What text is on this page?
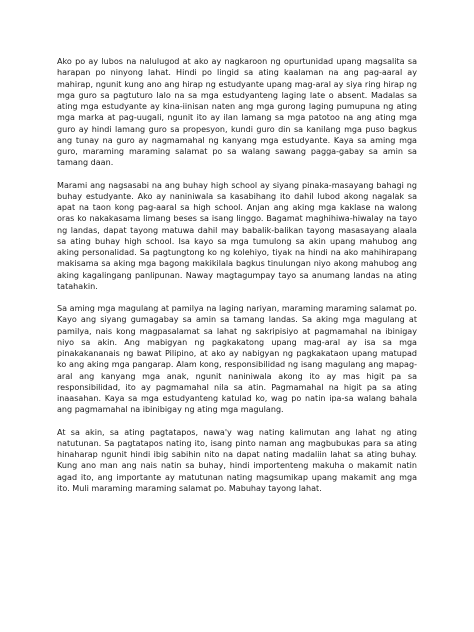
Ako po ay lubos na nalulugod at ako ay nagkaroon ng opurtunidad upang magsalita sa harapan po ninyong lahat. Hindi po lingid sa ating kaalaman na ang pag-aaral ay mahirap, ngunit kung ano ang hirap ng estudyante upang mag-aral ay siya ring hirap ng mga guro sa pagtuturo lalo na sa mga estudyanteng laging late o absent. Madalas sa ating mga estudyante ay kina-iinisan naten ang mga gurong laging pumupuna ng ating mga marka at pag-uugali, ngunit ito ay ilan lamang sa mga patotoo na ang ating mga guro ay hindi lamang guro sa propesyon, kundi guro din sa kanilang mga puso bagkus ang tunay na guro ay nagmamahal ng kanyang mga estudyante. Kaya sa aming mga guro, maraming maraming salamat po sa walang sawang pagga-gabay sa amin sa tamang daan.

Marami ang nagsasabi na ang buhay high school ay siyang pinaka-masayang bahagi ng buhay estudyante. Ako ay naniniwala sa kasabihang ito dahil lubod akong nagalak sa apat na taon kong pag-aaral sa high school. Anjan ang aking mga kaklase na walong oras ko nakakasama limang beses sa isang linggo. Bagamat maghihiwa-hiwalay na tayo ng landas, dapat tayong matuwa dahil may babalik-balikan tayong masasayang alaala sa ating buhay high school. Isa kayo sa mga tumulong sa akin upang mahubog ang aking personalidad. Sa pagtungtong ko ng kolehiyo, tiyak na hindi na ako mahihirapang makisama sa aking mga bagong makikilala bagkus tinulungan niyo akong mahubog ang aking kagalingang panlipunan. Naway magtagumpay tayo sa anumang landas na ating tatahakin.

Sa aming mga magulang at pamilya na laging nariyan, maraming maraming salamat po. Kayo ang siyang gumagabay sa amin sa tamang landas. Sa aking mga magulang at pamilya, nais kong magpasalamat sa lahat ng sakripisiyo at pagmamahal na ibinigay niyo sa akin. Ang mabigyan ng pagkakatong upang mag-aral ay isa sa mga pinakakananais ng bawat Pilipino, at ako ay nabigyan ng pagkakataon upang matupad ko ang aking mga pangarap. Alam kong, responsibilidad ng isang magulang ang mapag-aral ang kanyang mga anak, ngunit naniniwala akong ito ay mas higit pa sa responsibilidad, ito ay pagmamahal nila sa atin. Pagmamahal na higit pa sa ating inaasahan. Kaya sa mga estudyanteng katulad ko, wag po natin ipa-sa walang bahala ang pagmamahal na ibinibigay ng ating mga magulang.

At sa akin, sa ating pagtatapos, nawa'y wag nating kalimutan ang lahat ng ating natutunan. Sa pagtatapos nating ito, isang pinto naman ang magbubukas para sa ating hinaharap ngunit hindi ibig sabihin nito na dapat nating madaliin lahat sa ating buhay. Kung ano man ang nais natin sa buhay, hindi importenteng makuha o makamit natin agad ito, ang importante ay matutunan nating magsumikap upang makamit ang mga ito. Muli maraming maraming salamat po. Mabuhay tayong lahat.
